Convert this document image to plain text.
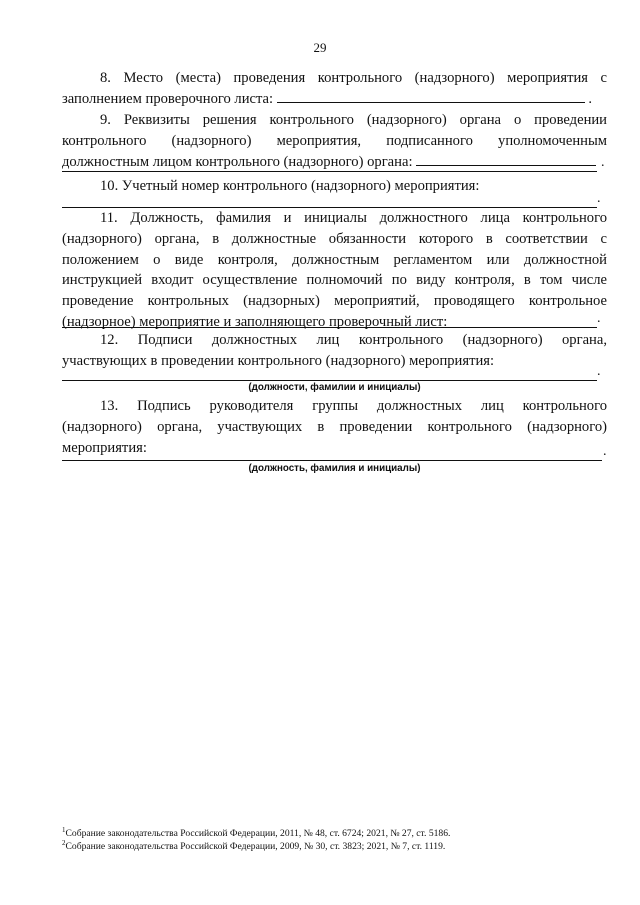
29
8. Место (места) проведения контрольного (надзорного) мероприятия с
заполнением проверочного листа:	.
9. Реквизиты решения контрольного (надзорного) органа о проведении
контрольного (надзорного) мероприятия, подписанного уполномоченным
должностным лицом контрольного (надзорного) органа:	.
10. Учетный номер контрольного (надзорного) мероприятия:
.
11. Должность, фамилия и инициалы должностного лица контрольного
(надзорного) органа, в должностные обязанности которого в соответствии с
положением о виде контроля, должностным регламентом или должностной
инструкцией входит осуществление полномочий по виду контроля, в том числе
проведение контрольных (надзорных) мероприятий, проводящего контрольное
(надзорное) мероприятие и заполняющего проверочный лист:	.
12. Подписи должностных лиц контрольного (надзорного) органа,
участвующих в проведении контрольного (надзорного) мероприятия:
.
(должности, фамилии и инициалы)
13. Подпись руководителя группы должностных лиц контрольного
(надзорного) органа, участвующих в проведении контрольного (надзорного)
мероприятия:	.
(должность, фамилия и инициалы)
$^1$Собрание законодательства Российской Федерации, 2011, № 48, ст. 6724; 2021, № 27, ст. 5186.
$^2$Собрание законодательства Российской Федерации, 2009, № 30, ст. 3823; 2021, № 7, ст. 1119.
